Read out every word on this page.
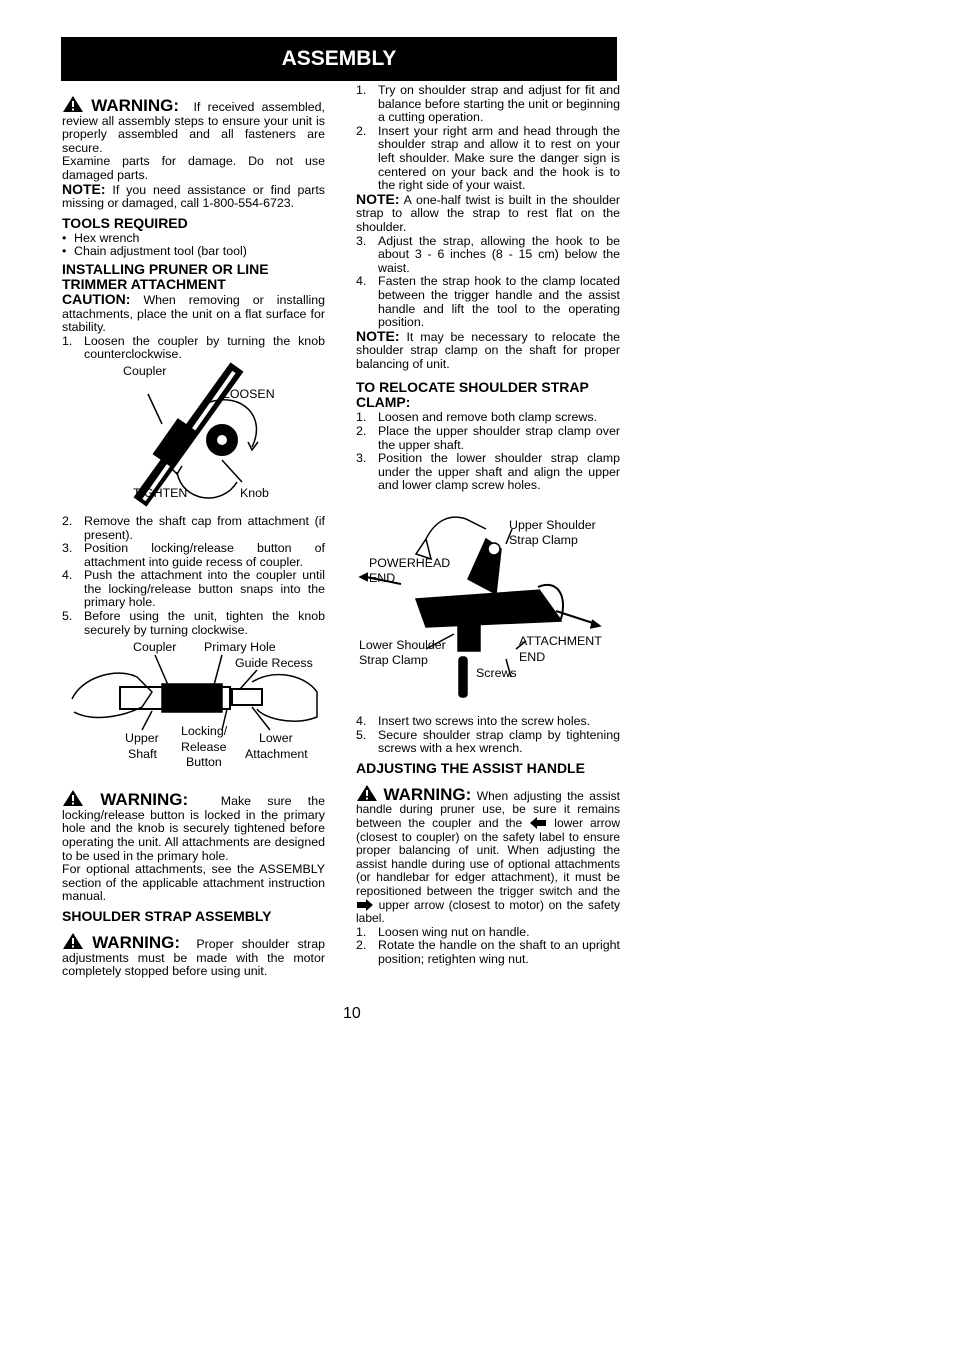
ASSEMBLY

WARNING: If received assembled, review all assembly steps to ensure your unit is properly assembled and all fasteners are secure.

Examine parts for damage. Do not use damaged parts.

NOTE: If you need assistance or find parts missing or damaged, call 1-800-554-6723.

TOOLS REQUIRED
• Hex wrench
• Chain adjustment tool (bar tool)
INSTALLING PRUNER OR LINE TRIMMER ATTACHMENT

CAUTION: When removing or installing attachments, place the unit on a flat surface for stability.

1. Loosen the coupler by turning the knob counterclockwise.
Coupler
LOOSEN
TIGHTEN	Knob
2. Remove the shaft cap from attachment (if present).
3. Position locking/release button of attachment into guide recess of coupler.
4. Push the attachment into the coupler until the locking/release button snaps into the primary hole.
5. Before using the unit, tighten the knob securely by turning clockwise.
Coupler Primary Hole
Guide Recess
Upper
Shaft
Locking/
Release
Button
Lower
Attachment

WARNING:	Make sure the locking/release button is locked in the primary hole and the knob is securely tightened before operating the unit. All attachments are designed to be used in the primary hole.

For optional attachments, see the ASSEMBLY section of the applicable attachment instruction manual.

SHOULDER STRAP ASSEMBLY

WARNING: Proper shoulder strap adjustments must be made with the motor completely stopped before using unit.

1. Try on shoulder strap and adjust for fit and balance before starting the unit or beginning a cutting operation.
2. Insert your right arm and head through the shoulder strap and allow it to rest on your left shoulder. Make sure the danger sign is centered on your back and the hook is to the right side of your waist.

NOTE: A one-half twist is built in the shoulder strap to allow the strap to rest flat on the shoulder.

3. Adjust the strap, allowing the hook to be about 3 - 6 inches (8 - 15 cm) below the waist.
4. Fasten the strap hook to the clamp located between the trigger handle and the assist handle and lift the tool to the operating position.

NOTE: It may be necessary to relocate the shoulder strap clamp on the shaft for proper balancing of unit.

TO RELOCATE SHOULDER STRAP CLAMP:
1. Loosen and remove both clamp screws.
2. Place the upper shoulder strap clamp over the upper shaft.
3. Position the lower shoulder strap clamp under the upper shaft and align the upper and lower clamp screw holes.
Upper Shoulder
Strap Clamp
POWERHEAD
END
Lower Shoulder
Strap Clamp
ATTACHMENT
END
Screws
4. Insert two screws into the screw holes.
5. Secure shoulder strap clamp by tightening screws with a hex wrench.
ADJUSTING THE ASSIST HANDLE

WARNING: When adjusting the assist handle during pruner use, be sure it remains between the coupler and the	lower arrow (closest to coupler) on the safety label to ensure proper balancing of unit. When adjusting the assist handle during use of optional attachments (or handlebar for edger attachment), it must be repositioned between the trigger switch and the  upper arrow (closest to motor) on the safety label.

1. Loosen wing nut on handle.
2. Rotate the handle on the shaft to an upright position; retighten wing nut.
10
